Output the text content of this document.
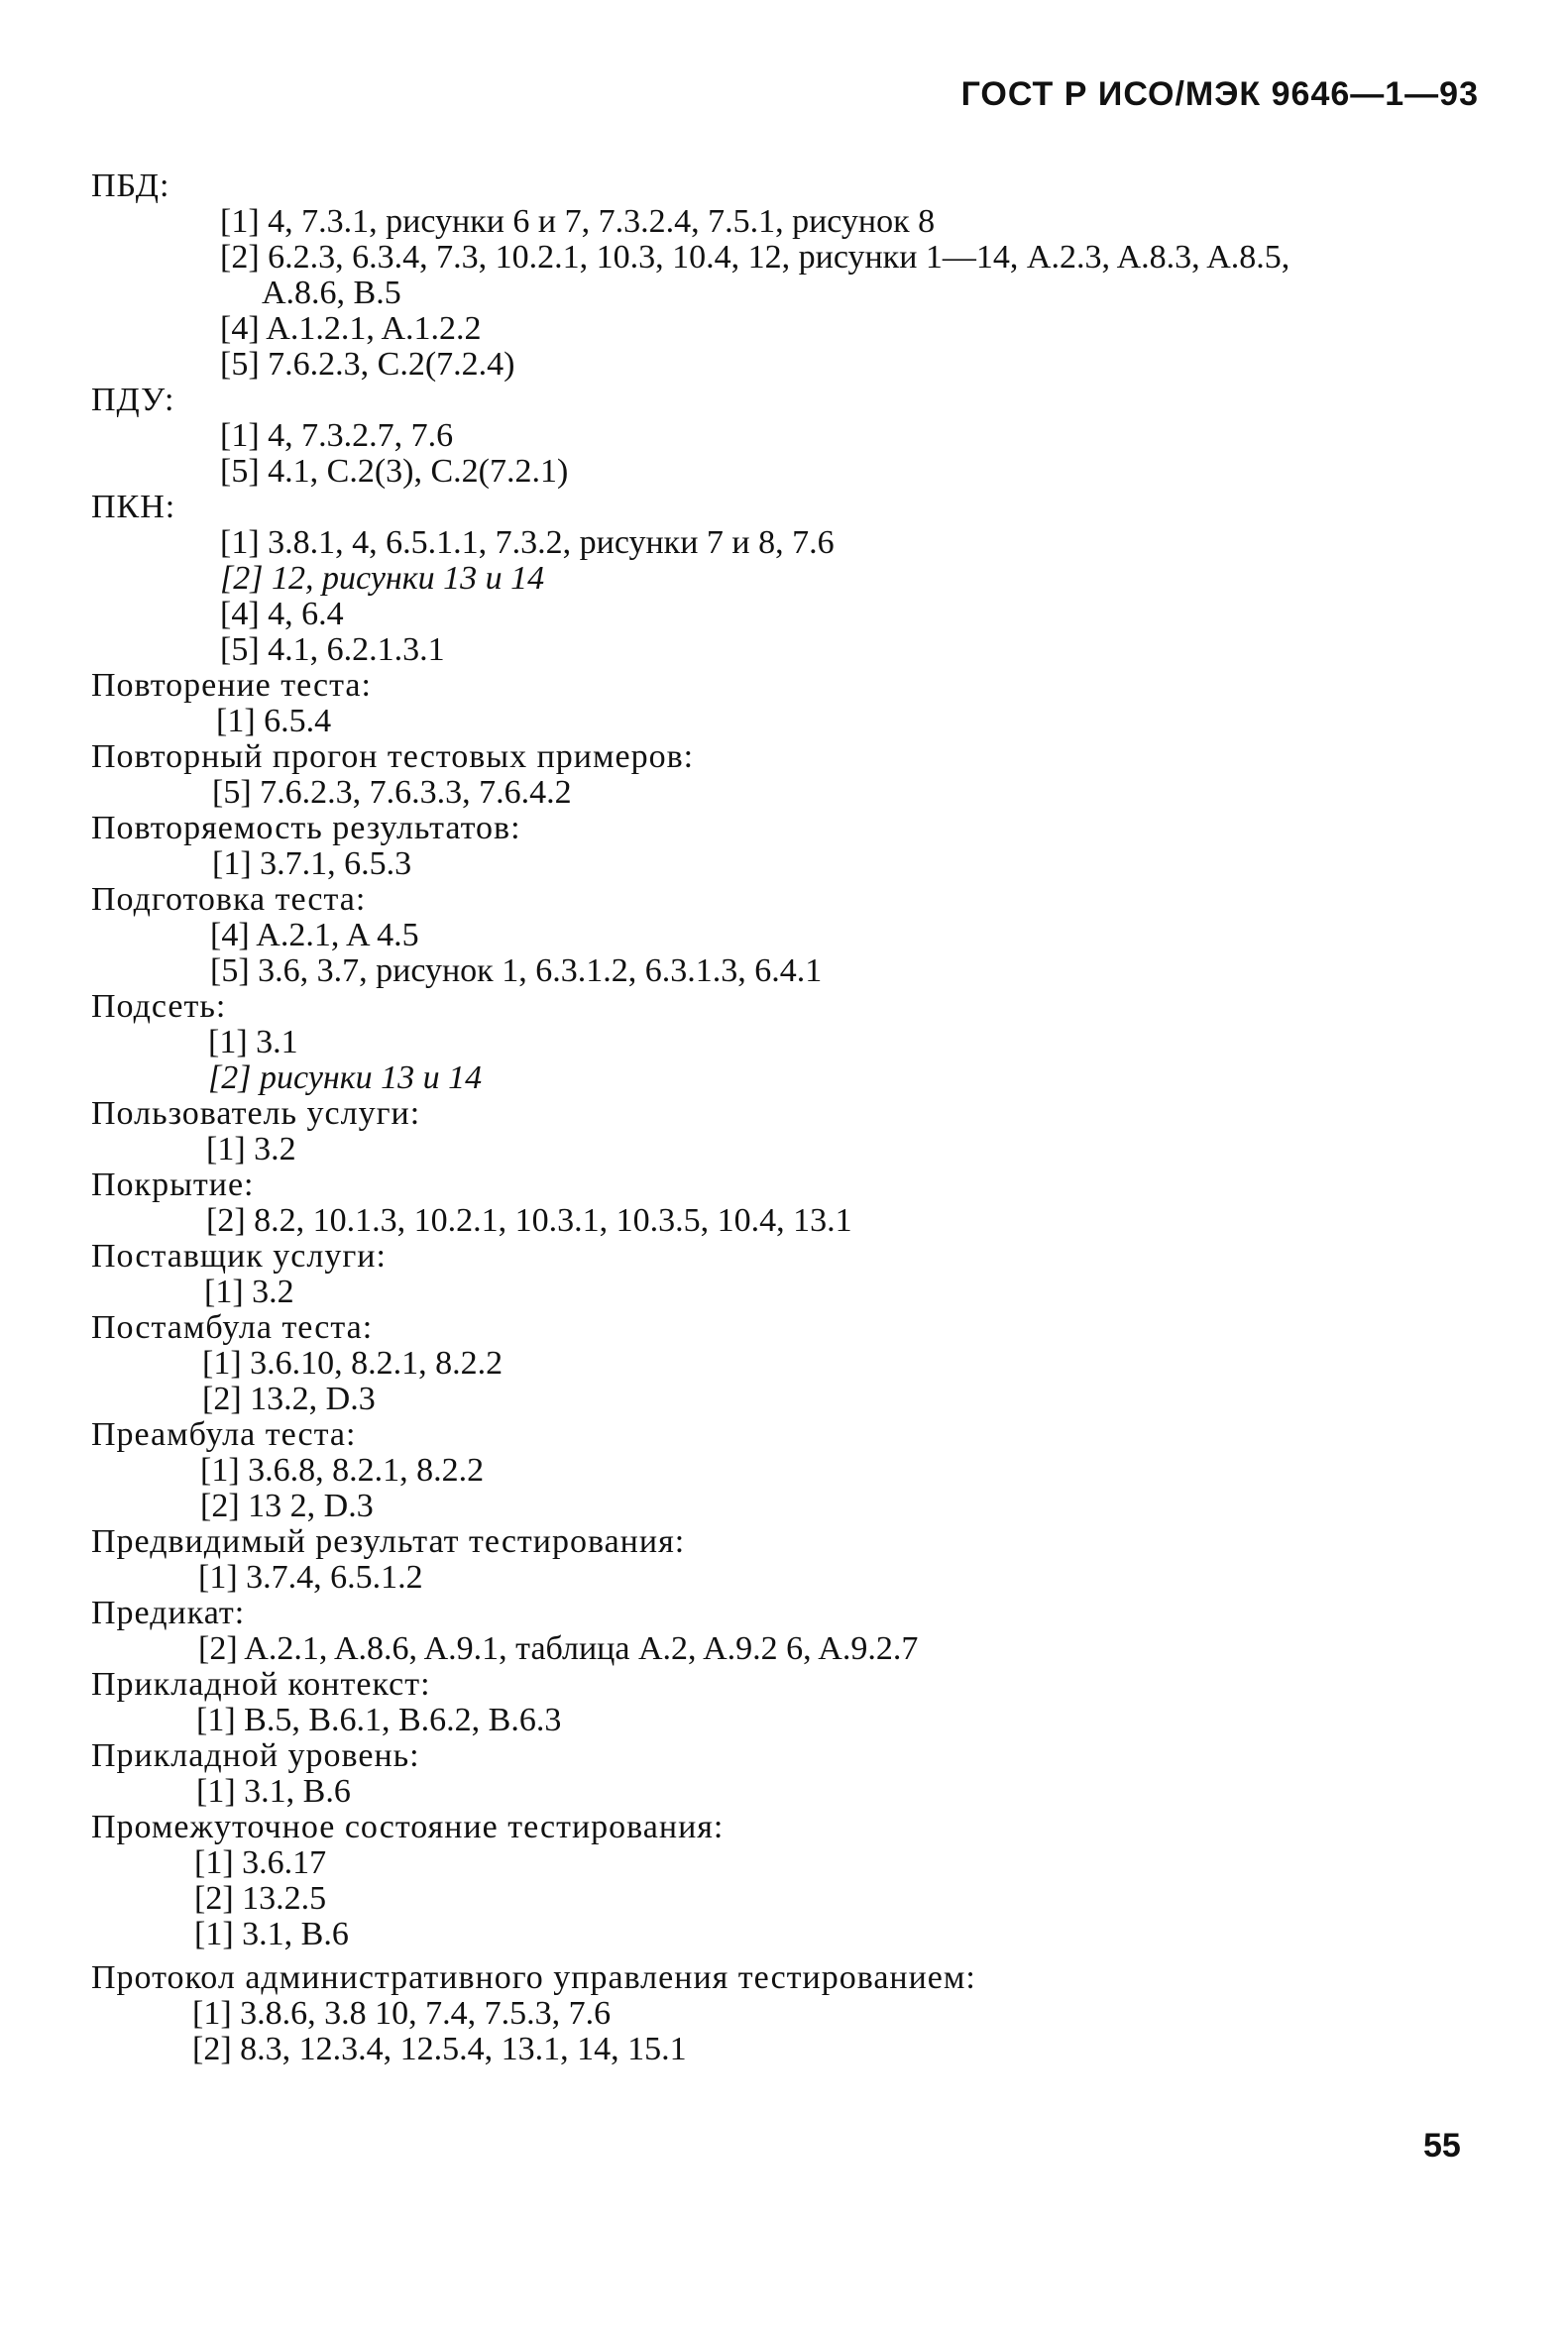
ГОСТ Р ИСО/МЭК 9646—1—93
ПБД:
[1] 4, 7.3.1, рисунки 6 и 7, 7.3.2.4, 7.5.1, рисунок 8
[2] 6.2.3, 6.3.4, 7.3, 10.2.1, 10.3, 10.4, 12, рисунки 1—14, A.2.3, A.8.3, A.8.5,
A.8.6, B.5
[4] A.1.2.1, A.1.2.2
[5] 7.6.2.3, C.2(7.2.4)
ПДУ:
[1] 4, 7.3.2.7, 7.6
[5] 4.1, C.2(3), C.2(7.2.1)
ПКН:
[1] 3.8.1, 4, 6.5.1.1, 7.3.2, рисунки 7 и 8, 7.6
[2] 12, рисунки 13 и 14
[4] 4, 6.4
[5] 4.1, 6.2.1.3.1
Повторение теста:
[1] 6.5.4
Повторный прогон тестовых примеров:
[5] 7.6.2.3, 7.6.3.3, 7.6.4.2
Повторяемость результатов:
[1] 3.7.1, 6.5.3
Подготовка теста:
[4] A.2.1, A 4.5
[5] 3.6, 3.7, рисунок 1, 6.3.1.2, 6.3.1.3, 6.4.1
Подсеть:
[1] 3.1
[2] рисунки 13 и 14
Пользователь услуги:
[1] 3.2
Покрытие:
[2] 8.2, 10.1.3, 10.2.1, 10.3.1, 10.3.5, 10.4, 13.1
Поставщик услуги:
[1] 3.2
Постамбула теста:
[1] 3.6.10, 8.2.1, 8.2.2
[2] 13.2, D.3
Преамбула теста:
[1] 3.6.8, 8.2.1, 8.2.2
[2] 13 2, D.3
Предвидимый результат тестирования:
[1] 3.7.4, 6.5.1.2
Предикат:
[2] A.2.1, A.8.6, A.9.1, таблица A.2, A.9.2 6, A.9.2.7
Прикладной контекст:
[1] B.5, B.6.1, B.6.2, B.6.3
Прикладной уровень:
[1] 3.1, B.6
Промежуточное состояние тестирования:
[1] 3.6.17
[2] 13.2.5
[1] 3.1, B.6
Протокол административного управления тестированием:
[1] 3.8.6, 3.8 10, 7.4, 7.5.3, 7.6
[2] 8.3, 12.3.4, 12.5.4, 13.1, 14, 15.1
55
